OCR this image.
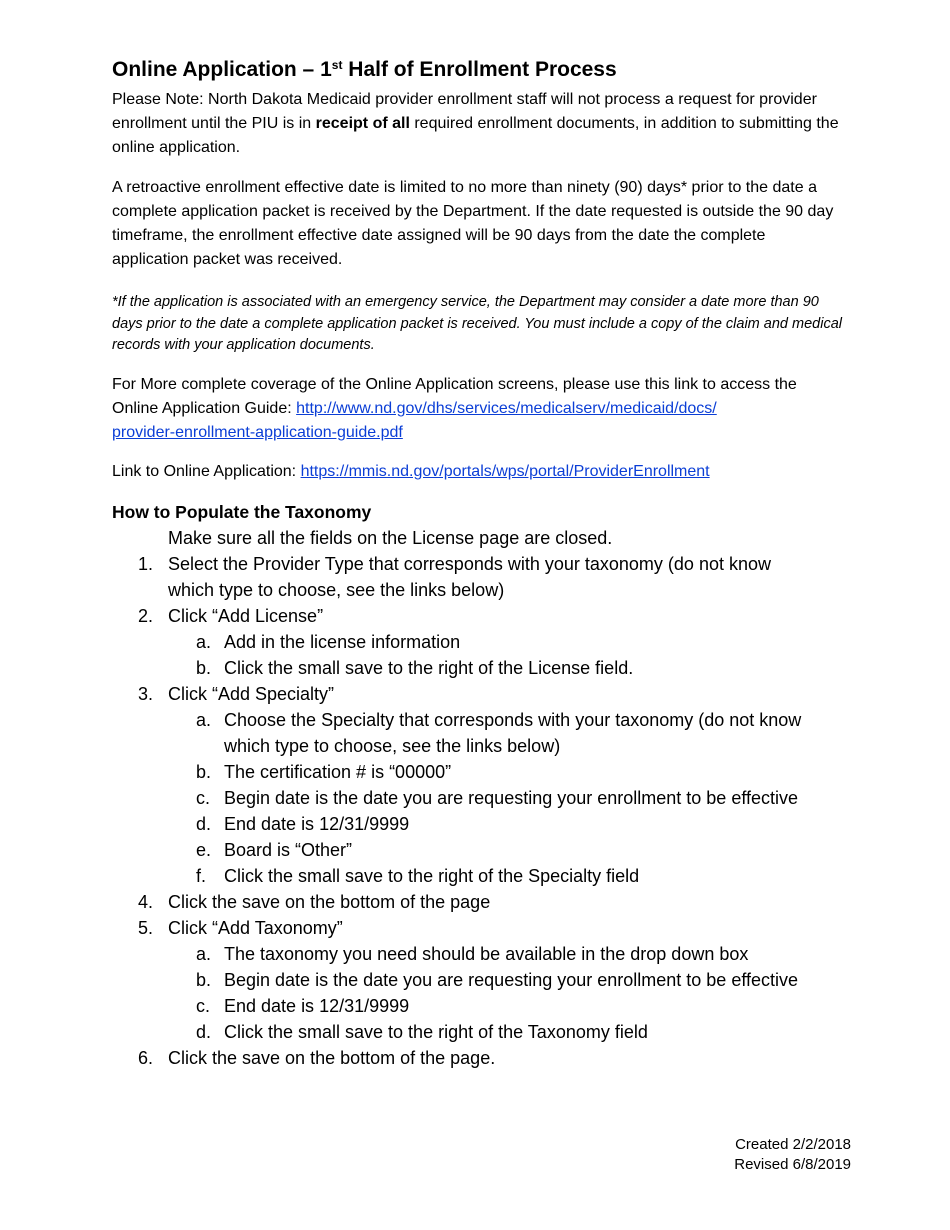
Online Application – 1st Half of Enrollment Process

Please Note: North Dakota Medicaid provider enrollment staff will not process a request for provider enrollment until the PIU is in receipt of all required enrollment documents, in addition to submitting the online application.

A retroactive enrollment effective date is limited to no more than ninety (90) days* prior to the date a complete application packet is received by the Department. If the date requested is outside the 90 day timeframe, the enrollment effective date assigned will be 90 days from the date the complete application packet was received.

*If the application is associated with an emergency service, the Department may consider a date more than 90 days prior to the date a complete application packet is received. You must include a copy of the claim and medical records with your application documents.

For More complete coverage of the Online Application screens, please use this link to access the Online Application Guide: http://www.nd.gov/dhs/services/medicalserv/medicaid/docs/
provider-enrollment-application-guide.pdf

Link to Online Application: https://mmis.nd.gov/portals/wps/portal/ProviderEnrollment

How to Populate the Taxonomy
Make sure all the fields on the License page are closed.
1. Select the Provider Type that corresponds with your taxonomy (do not know
which type to choose, see the links below)
2. Click “Add License”
a. Add in the license information
b. Click the small save to the right of the License field.
3. Click “Add Specialty”
a. Choose the Specialty that corresponds with your taxonomy (do not know
which type to choose, see the links below)
b. The certification # is “00000”
c. Begin date is the date you are requesting your enrollment to be effective
d. End date is 12/31/9999
e. Board is “Other”
f. Click the small save to the right of the Specialty field
4. Click the save on the bottom of the page
5. Click “Add Taxonomy”
a. The taxonomy you need should be available in the drop down box
b. Begin date is the date you are requesting your enrollment to be effective
c. End date is 12/31/9999
d. Click the small save to the right of the Taxonomy field
6. Click the save on the bottom of the page.
Created 2/2/2018
Revised 6/8/2019
